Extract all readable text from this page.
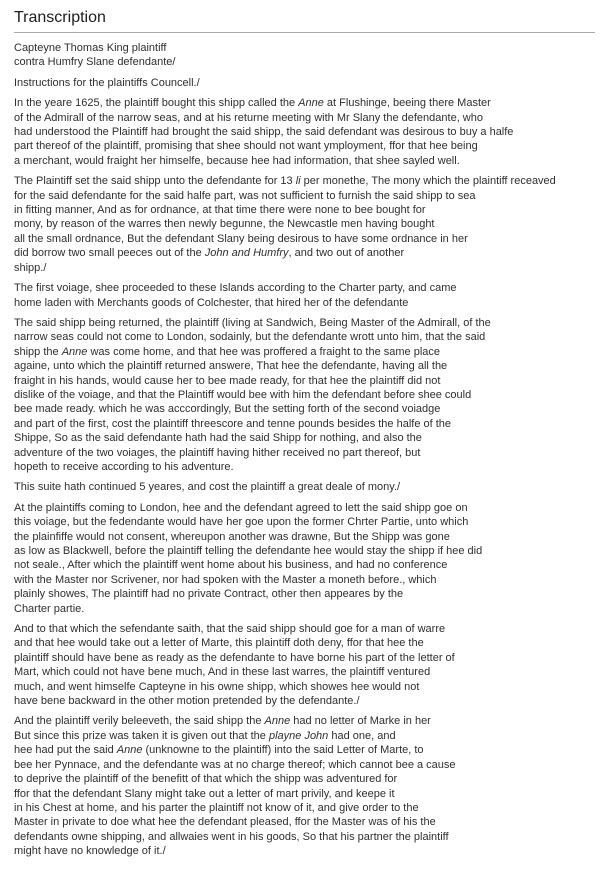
Transcription

Capteyne Thomas King plaintiff
contra Humfry Slane defendante/

Instructions for the plaintiffs Councell./

In the yeare 1625, the plaintiff bought this shipp called the Anne at Flushinge, beeing there Master
of the Admirall of the narrow seas, and at his returne meeting with Mr Slany the defendante, who
had understood the Plaintiff had brought the said shipp, the said defendant was desirous to buy a halfe
part thereof of the plaintiff, promising that shee should not want ymployment, ffor that hee being
a merchant, would fraight her himselfe, because hee had information, that shee sayled well.

The Plaintiff set the said shipp unto the defendante for 13 li per monethe, The mony which the plaintiff receaved
for the said defendante for the said halfe part, was not sufficient to furnish the said shipp to sea
in fitting manner, And as for ordnance, at that time there were none to bee bought for
mony, by reason of the warres then newly begunne, the Newcastle men having bought
all the small ordnance, But the defendant Slany being desirous to have some ordnance in her
did borrow two small peeces out of the John and Humfry, and two out of another
shipp./

The first voiage, shee proceeded to these Islands according to the Charter party, and came
home laden with Merchants goods of Colchester, that hired her of the defendante

The said shipp being returned, the plaintiff (living at Sandwich, Being Master of the Admirall, of the
narrow seas could not come to London, sodainly, but the defendante wrott unto him, that the said
shipp the Anne was come home, and that hee was proffered a fraight to the same place
againe, unto which the plaintiff returned answere, That hee the defendante, having all the
fraight in his hands, would cause her to bee made ready, for that hee the plaintiff did not
dislike of the voiage, and that the Plaintiff would bee with him the defendant before shee could
bee made ready. which he was acccordingly, But the setting forth of the second voiadge
and part of the first, cost the plaintiff threescore and tenne pounds besides the halfe of the
Shippe, So as the said defendante hath had the said Shipp for nothing, and also the
adventure of the two voiages, the plaintiff having hither received no part thereof, but
hopeth to receive according to his adventure.

This suite hath continued 5 yeares, and cost the plaintiff a great deale of mony./

At the plaintiffs coming to London, hee and the defendant agreed to lett the said shipp goe on
this voiage, but the fedendante would have her goe upon the former Chrter Partie, unto which
the plainfiffe would not consent, whereupon another was drawne, But the Shipp was gone
as low as Blackwell, before the plaintiff telling the defendante hee would stay the shipp if hee did
not seale., After which the plaintiff went home about his business, and had no conference
with the Master nor Scrivener, nor had spoken with the Master a moneth before., which
plainly showes, The plaintiff had no private Contract, other then appeares by the
Charter partie.

And to that which the sefendante saith, that the said shipp should goe for a man of warre
and that hee would take out a letter of Marte, this plaintiff doth deny, ffor that hee the
plaintiff should have bene as ready as the defendante to have borne his part of the letter of
Mart, which could not have bene much, And in these last warres, the plaintiff ventured
much, and went himselfe Capteyne in his owne shipp, which showes hee would not
have bene backward in the other motion pretended by the defendante./

And the plaintiff verily beleeveth, the said shipp the Anne had no letter of Marke in her
But since this prize was taken it is given out that the playne John had one, and
hee had put the said Anne (unknowne to the plaintiff) into the said Letter of Marte, to
bee her Pynnace, and the defendante was at no charge thereof; which cannot bee a cause
to deprive the plaintiff of the benefitt of that which the shipp was adventured for
ffor that the defendant Slany might take out a letter of mart privily, and keepe it
in his Chest at home, and his parter the plaintiff not know of it, and give order to the
Master in private to doe what hee the defendant pleased, ffor the Master was of his the
defendants owne shipping, and allwaies went in his goods, So that his partner the plaintiff
might have no knowledge of it./
